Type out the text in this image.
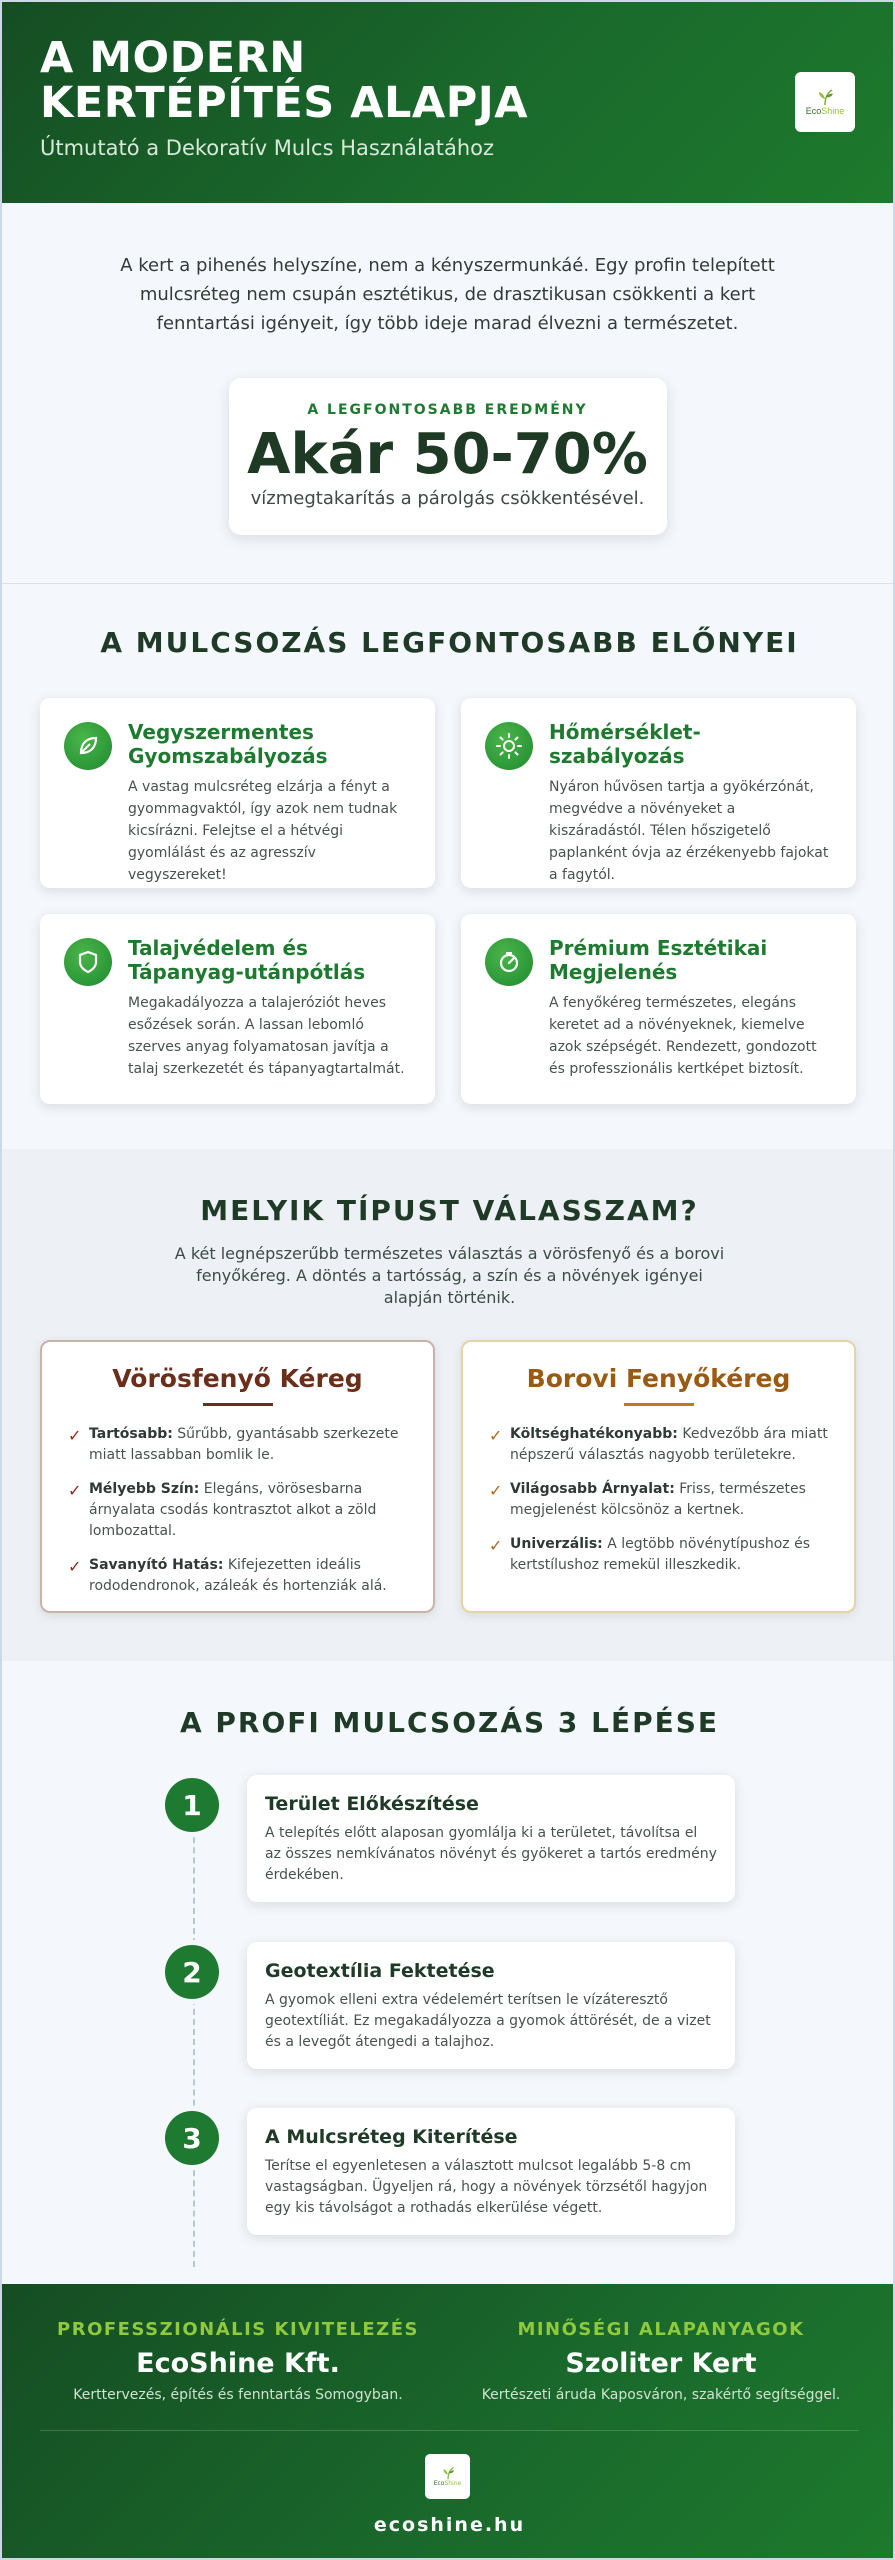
A MODERN KERTÉPÍTÉS ALAPJA
Útmutató a Dekoratív Mulcs Használatához
EcoShine

A kert a pihenés helyszíne, nem a kényszermunkáé. Egy profin telepített mulcsréteg nem csupán esztétikus, de drasztikusan csökkenti a kert fenntartási igényeit, így több ideje marad élvezni a természetet.

A LEGFONTOSABB EREDMÉNY
Akár 50-70%
vízmegtakarítás a párolgás csökkentésével.
A MULCSOZÁS LEGFONTOSABB ELŐNYEI
Vegyszermentes Gyomszabályozás

A vastag mulcsréteg elzárja a fényt a gyommagvaktól, így azok nem tudnak kicsírázni. Felejtse el a hétvégi gyomlálást és az agresszív vegyszereket!

Hőmérséklet-szabályozás

Nyáron hűvösen tartja a gyökérzónát, megvédve a növényeket a kiszáradástól. Télen hőszigetelő paplanként óvja az érzékenyebb fajokat a fagytól.

Talajvédelem és Tápanyag-utánpótlás

Megakadályozza a talajeróziót heves esőzések során. A lassan lebomló szerves anyag folyamatosan javítja a talaj szerkezetét és tápanyagtartalmát.

Prémium Esztétikai Megjelenés

A fenyőkéreg természetes, elegáns keretet ad a növényeknek, kiemelve azok szépségét. Rendezett, gondozott és professzionális kertképet biztosít.

MELYIK TÍPUST VÁLASSZAM?
A két legnépszerűbb természetes választás a vörösfenyő és a borovi fenyőkéreg. A döntés a tartósság, a szín és a növények igényei alapján történik.
Vörösfenyő Kéreg
✓ Tartósabb: Sűrűbb, gyantásabb szerkezete miatt lassabban bomlik le.
✓ Mélyebb Szín: Elegáns, vörösesbarna árnyalata csodás kontrasztot alkot a zöld lombozattal.
✓ Savanyító Hatás: Kifejezetten ideális rododendronok, azáleák és hortenziák alá.
Borovi Fenyőkéreg
✓ Költséghatékonyabb: Kedvezőbb ára miatt népszerű választás nagyobb területekre.
✓ Világosabb Árnyalat: Friss, természetes megjelenést kölcsönöz a kertnek.
✓ Univerzális: A legtöbb növénytípushoz és kertstílushoz remekül illeszkedik.
A PROFI MULCSOZÁS 3 LÉPÉSE
1	Terület Előkészítése

A telepítés előtt alaposan gyomlálja ki a területet, távolítsa el az összes nemkívánatos növényt és gyökeret a tartós eredmény érdekében.

2	Geotextília Fektetése

A gyomok elleni extra védelemért terítsen le vízáteresztő geotextíliát. Ez megakadályozza a gyomok áttörését, de a vizet és a levegőt átengedi a talajhoz.

3	A Mulcsréteg Kiterítése

Terítse el egyenletesen a választott mulcsot legalább 5-8 cm vastagságban. Ügyeljen rá, hogy a növények törzsétől hagyjon egy kis távolságot a rothadás elkerülése végett.

PROFESSZIONÁLIS KIVITELEZÉS
EcoShine Kft.
Kerttervezés, építés és fenntartás Somogyban.
MINŐSÉGI ALAPANYAGOK
Szoliter Kert
Kertészeti áruda Kaposváron, szakértő segítséggel.
EcoShine
ecoshine.hu
